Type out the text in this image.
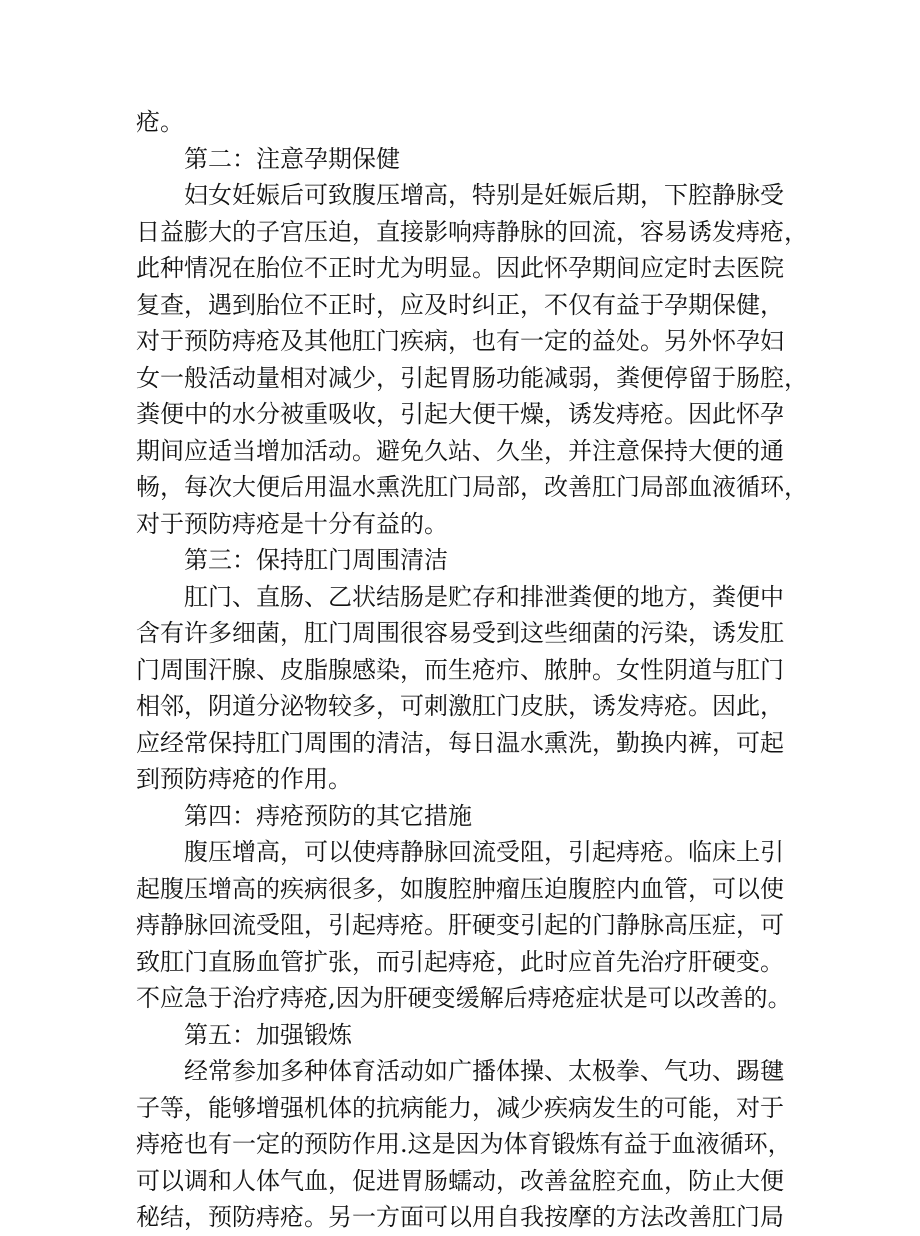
疮。
第二：注意孕期保健
妇女妊娠后可致腹压增高，特别是妊娠后期，下腔静脉受
日益膨大的子宫压迫，直接影响痔静脉的回流，容易诱发痔疮，
此种情况在胎位不正时尤为明显。因此怀孕期间应定时去医院
复查，遇到胎位不正时，应及时纠正，不仅有益于孕期保健，
对于预防痔疮及其他肛门疾病，也有一定的益处。另外怀孕妇
女一般活动量相对减少，引起胃肠功能减弱，粪便停留于肠腔，
粪便中的水分被重吸收，引起大便干燥，诱发痔疮。因此怀孕
期间应适当增加活动。避免久站、久坐，并注意保持大便的通
畅，每次大便后用温水熏洗肛门局部，改善肛门局部血液循环，
对于预防痔疮是十分有益的。
第三：保持肛门周围清洁
肛门、直肠、乙状结肠是贮存和排泄粪便的地方，粪便中
含有许多细菌，肛门周围很容易受到这些细菌的污染，诱发肛
门周围汗腺、皮脂腺感染，而生疮疖、脓肿。女性阴道与肛门
相邻，阴道分泌物较多，可刺激肛门皮肤，诱发痔疮。因此，
应经常保持肛门周围的清洁，每日温水熏洗，勤换内裤，可起
到预防痔疮的作用。
第四：痔疮预防的其它措施
腹压增高，可以使痔静脉回流受阻，引起痔疮。临床上引
起腹压增高的疾病很多，如腹腔肿瘤压迫腹腔内血管，可以使
痔静脉回流受阻，引起痔疮。肝硬变引起的门静脉高压症，可
致肛门直肠血管扩张，而引起痔疮，此时应首先治疗肝硬变。
不应急于治疗痔疮,因为肝硬变缓解后痔疮症状是可以改善的。
第五：加强锻炼
经常参加多种体育活动如广播体操、太极拳、气功、踢毽
子等，能够增强机体的抗病能力，减少疾病发生的可能，对于
痔疮也有一定的预防作用.这是因为体育锻炼有益于血液循环，
可以调和人体气血，促进胃肠蠕动，改善盆腔充血，防止大便
秘结，预防痔疮。另一方面可以用自我按摩的方法改善肛门局
